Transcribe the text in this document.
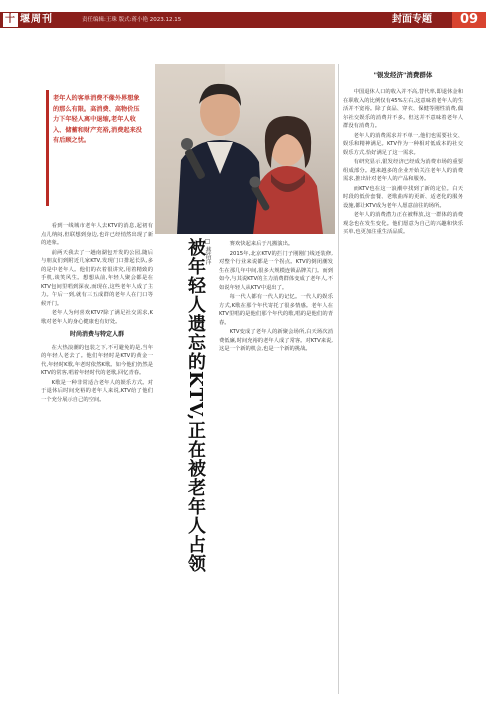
十 堰周刊	责任编辑:王珠 版式:蒋小艳 2023.12.15	封面专题	09
老年人的客单消费不像外界想象的那么有限。高消费、高物价压力下年轻人离中退缩,老年人收入、储蓄和财产充裕,消费起来没有后顾之忧。

看到一线城市老年人去KTV的消息,起初有点儿纳闷,但联想到身边,也许已经悄然出现了新的迹象。

前两天我去了一趟南湖包开发的公园,随后与朋友们到附近几家KTV,发现门口排起长队,多的是中老年人。他们的衣着很讲究,用着精致的手机,谈笑风生。想想从前,年轻人聚会都是在KTV包间里唱到深夜,而现在,这些老年人成了主力。午后一到,就有三五成群的老年人在门口等候开门。

老年人为何喜欢KTV?除了满足社交需求,K歌对老年人的身心健康也有好处。

时尚消费与特定人群

在大热浪潮的包装之下,不可避免的是,当年的年轻人老去了。他们年轻时是KTV的黄金一代,年轻时K歌,年老时依然K歌。如今他们仍然是KTV的常客,唱着年轻时代的老歌,回忆青春。

K歌是一种非常适合老年人的娱乐方式。对于退休后时间充裕的老年人来说,KTV给了他们一个充分展示自己的空间。	被年轻人遗忘的KTV,正在被老年人占领
□ 燕浩洋	赛欢快起来后于凡搬演出。

2015年,北京KTV的拦门子刚刚门线还装修,对整个行业来说都是一个拐点。KTV的倒闭潮发生在那几年中间,很多大规模连锁品牌关门。而到如今,与其说KTV的主力消费群体变成了老年人,不如说年轻人从KTV中退出了。

每一代人都有一代人的记忆。一代人的娱乐方式,K歌在那个年代寄托了很多情感。老年人在KTV里唱的是他们那个年代的歌,唱的是他们的青春。

KTV变成了老年人的新聚会场所,白天场次消费低廉,时间充裕的老年人成了常客。对KTV来说,这是一个新的机会,也是一个新的挑战。

"银发经济"消费群体

中国退休人口的收入并不高,替代率,即退休金和在职收入的比例仅有45%左右,这意味着老年人的生活并不宽裕。除了食品、穿衣、保健等刚性消费,偶尔社交娱乐的消费并不多。但这并不意味着老年人群没有消费力。

老年人的消费需求并不单一,他们也需要社交、娱乐和精神满足。KTV作为一种相对低成本的社交娱乐方式,恰好满足了这一需求。

有研究显示,银发经济已经成为消费市场的重要组成部分。越来越多的企业开始关注老年人的消费需求,推出针对老年人的产品和服务。

而KTV也在这一浪潮中找到了新的定位。白天时段的低价套餐、老歌曲库的更新、适老化的服务设施,都让KTV成为老年人愿意前往的场所。

老年人的消费潜力正在被释放,这一群体的消费观念也在发生变化。他们愿意为自己的兴趣和快乐买单,也更加注重生活品质。
